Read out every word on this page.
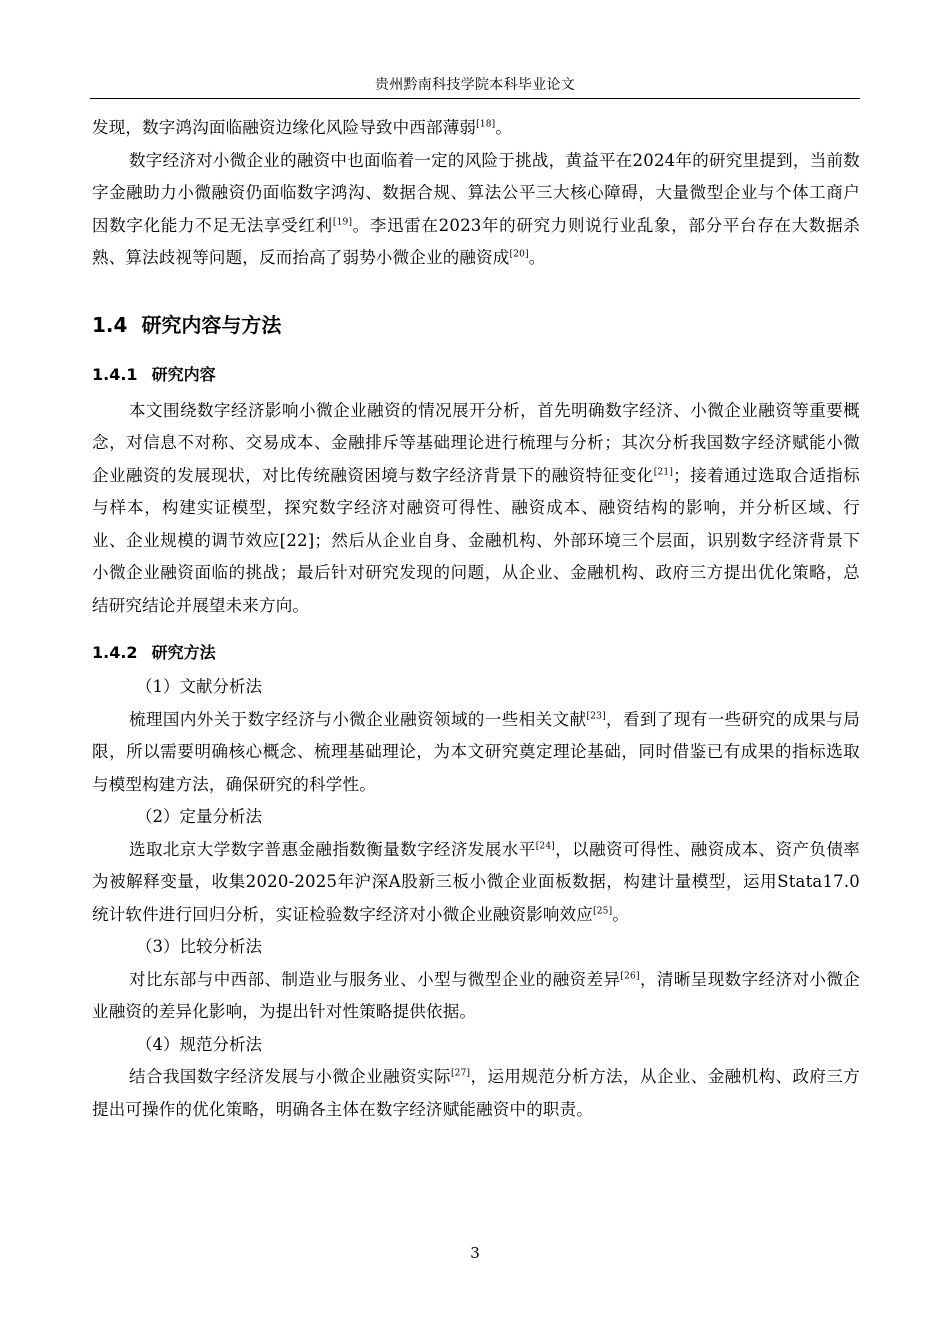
贵州黔南科技学院本科毕业论文

发现，数字鸿沟面临融资边缘化风险导致中西部薄弱[18]。

数字经济对小微企业的融资中也面临着一定的风险于挑战，黄益平在2024年的研究里提到，当前数字金融助力小微融资仍面临数字鸿沟、数据合规、算法公平三大核心障碍，大量微型企业与个体工商户因数字化能力不足无法享受红利[19]。李迅雷在2023年的研究力则说行业乱象，部分平台存在大数据杀熟、算法歧视等问题，反而抬高了弱势小微企业的融资成[20]。

1.4 研究内容与方法
1.4.1 研究内容

本文围绕数字经济影响小微企业融资的情况展开分析，首先明确数字经济、小微企业融资等重要概念，对信息不对称、交易成本、金融排斥等基础理论进行梳理与分析；其次分析我国数字经济赋能小微企业融资的发展现状，对比传统融资困境与数字经济背景下的融资特征变化[21]；接着通过选取合适指标与样本，构建实证模型，探究数字经济对融资可得性、融资成本、融资结构的影响，并分析区域、行业、企业规模的调节效应[22]；然后从企业自身、金融机构、外部环境三个层面，识别数字经济背景下小微企业融资面临的挑战；最后针对研究发现的问题，从企业、金融机构、政府三方提出优化策略，总结研究结论并展望未来方向。

1.4.2 研究方法
（1）文献分析法

梳理国内外关于数字经济与小微企业融资领域的一些相关文献[23]，看到了现有一些研究的成果与局限，所以需要明确核心概念、梳理基础理论，为本文研究奠定理论基础，同时借鉴已有成果的指标选取与模型构建方法，确保研究的科学性。

（2）定量分析法

选取北京大学数字普惠金融指数衡量数字经济发展水平[24]，以融资可得性、融资成本、资产负债率为被解释变量，收集2020-2025年沪深A股新三板小微企业面板数据，构建计量模型，运用Stata17.0统计软件进行回归分析，实证检验数字经济对小微企业融资影响效应[25]。

（3）比较分析法

对比东部与中西部、制造业与服务业、小型与微型企业的融资差异[26]，清晰呈现数字经济对小微企业融资的差异化影响，为提出针对性策略提供依据。

（4）规范分析法

结合我国数字经济发展与小微企业融资实际[27]，运用规范分析方法，从企业、金融机构、政府三方提出可操作的优化策略，明确各主体在数字经济赋能融资中的职责。

3
